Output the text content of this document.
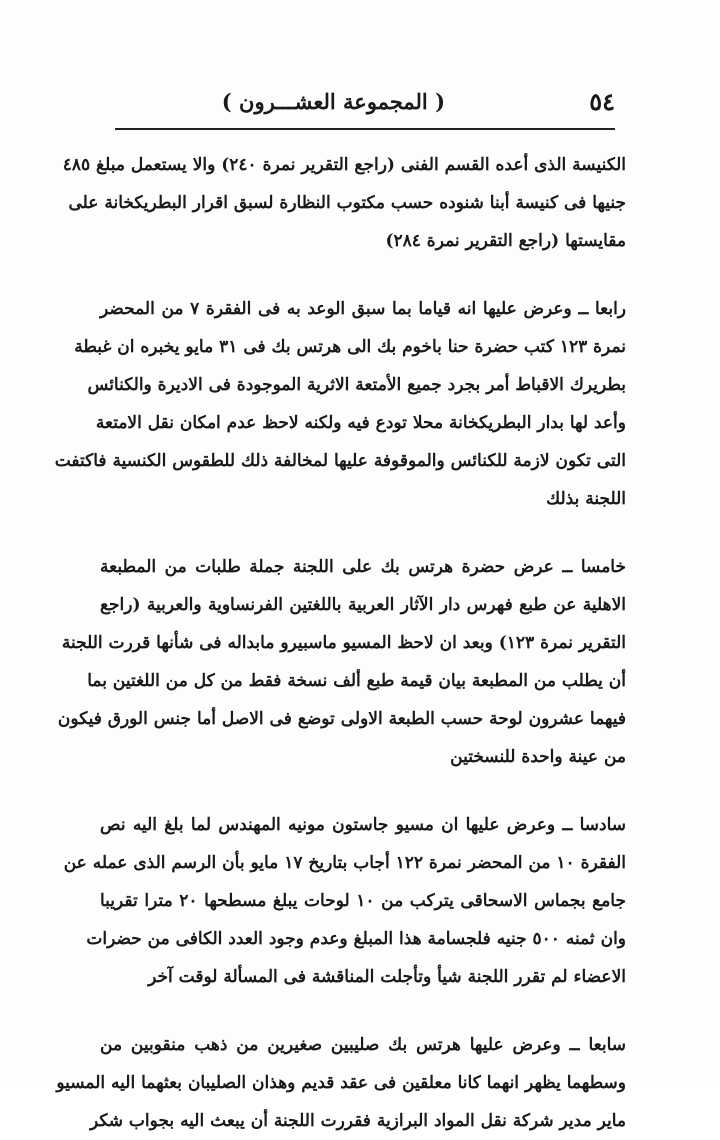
٥٤
( المجموعة العشـــرون )
الكنيسة الذى أعده القسم الفنى (راجع التقرير نمرة ٢٤٠) والا يستعمل مبلغ ٤٨٥
جنيها فى كنيسة أبنا شنوده حسب مكتوب النظارة لسبق اقرار البطريكخانة على
مقايستها (راجع التقرير نمرة ٢٨٤)
رابعا ــ وعرض عليها انه قياما بما سبق الوعد به فى الفقرة ٧ من المحضر
نمرة ١٢٣ كتب حضرة حنا باخوم بك الى هرتس بك فى ٣١ مايو يخبره ان غبطة
بطريرك الاقباط أمر بجرد جميع الأمتعة الاثرية الموجودة فى الاديرة والكنائس
وأعد لها بدار البطريكخانة محلا تودع فيه ولكنه لاحظ عدم امكان نقل الامتعة
التى تكون لازمة للكنائس والموقوفة عليها لمخالفة ذلك للطقوس الكنسية فاكتفت
اللجنة بذلك
خامسا ــ عرض حضرة هرتس بك على اللجنة جملة طلبات من المطبعة
الاهلية عن طبع فهرس دار الآثار العربية باللغتين الفرنساوية والعربية (راجع
التقرير نمرة ١٢٣) وبعد ان لاحظ المسيو ماسبيرو مابداله فى شأنها قررت اللجنة
أن يطلب من المطبعة بيان قيمة طبع ألف نسخة فقط من كل من اللغتين بما
فيهما عشرون لوحة حسب الطبعة الاولى توضع فى الاصل أما جنس الورق فيكون
من عينة واحدة للنسختين
سادسا ــ وعرض عليها ان مسيو جاستون مونيه المهندس لما بلغ اليه نص
الفقرة ١٠ من المحضر نمرة ١٢٢ أجاب بتاريخ ١٧ مايو بأن الرسم الذى عمله عن
جامع بجماس الاسحاقى يتركب من ١٠ لوحات يبلغ مسطحها ٢٠ مترا تقريبا
وان ثمنه ٥٠٠ جنيه فلجسامة هذا المبلغ وعدم وجود العدد الكافى من حضرات
الاعضاء لم تقرر اللجنة شيأ وتأجلت المناقشة فى المسألة لوقت آخر
سابعا ــ وعرض عليها هرتس بك صليبين صغيرين من ذهب منقوبين من
وسطهما يظهر انهما كانا معلقين فى عقد قديم وهذان الصليبان بعثهما اليه المسيو
ماير مدير شركة نقل المواد البرازية فقررت اللجنة أن يبعث اليه بجواب شكر
